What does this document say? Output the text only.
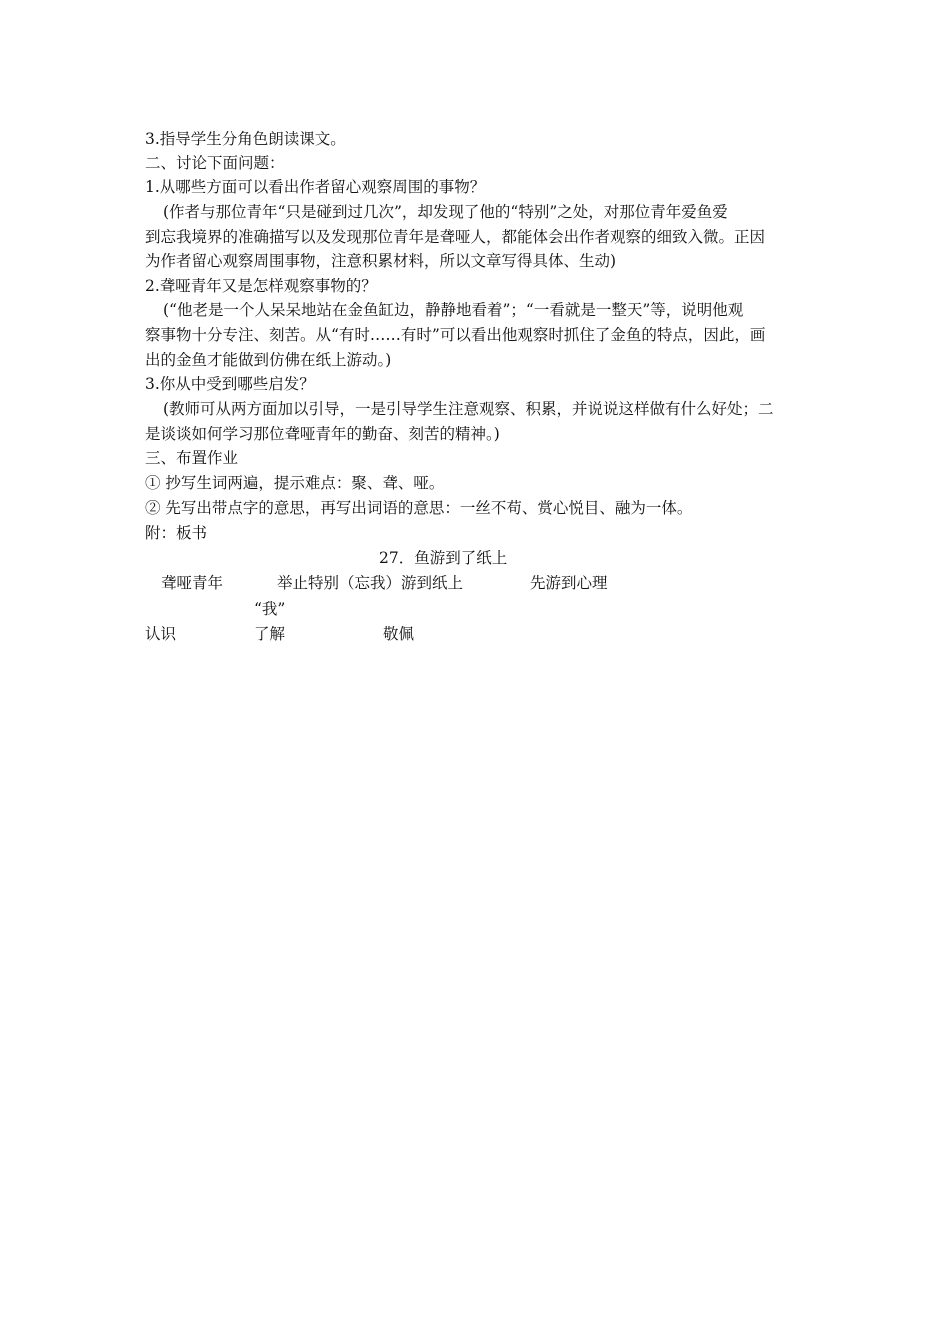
3.指导学生分角色朗读课文。
二、讨论下面问题：
1.从哪些方面可以看出作者留心观察周围的事物？
(作者与那位青年“只是碰到过几次”，却发现了他的“特别”之处，对那位青年爱鱼爱
到忘我境界的准确描写以及发现那位青年是聋哑人，都能体会出作者观察的细致入微。正因
为作者留心观察周围事物，注意积累材料，所以文章写得具体、生动)
2.聋哑青年又是怎样观察事物的？
(“他老是一个人呆呆地站在金鱼缸边，静静地看着”；“一看就是一整天”等，说明他观
察事物十分专注、刻苦。从“有时……有时”可以看出他观察时抓住了金鱼的特点，因此，画
出的金鱼才能做到仿佛在纸上游动。)
3.你从中受到哪些启发？
(教师可从两方面加以引导，一是引导学生注意观察、积累，并说说这样做有什么好处；二
是谈谈如何学习那位聋哑青年的勤奋、刻苦的精神。)
三、布置作业
① 抄写生词两遍，提示难点：聚、聋、哑。
② 先写出带点字的意思，再写出词语的意思：一丝不苟、赏心悦目、融为一体。
附：板书
27．鱼游到了纸上
聋哑青年	举止特别（忘我）游到纸上	先游到心理
“我”
认识	了解	敬佩
